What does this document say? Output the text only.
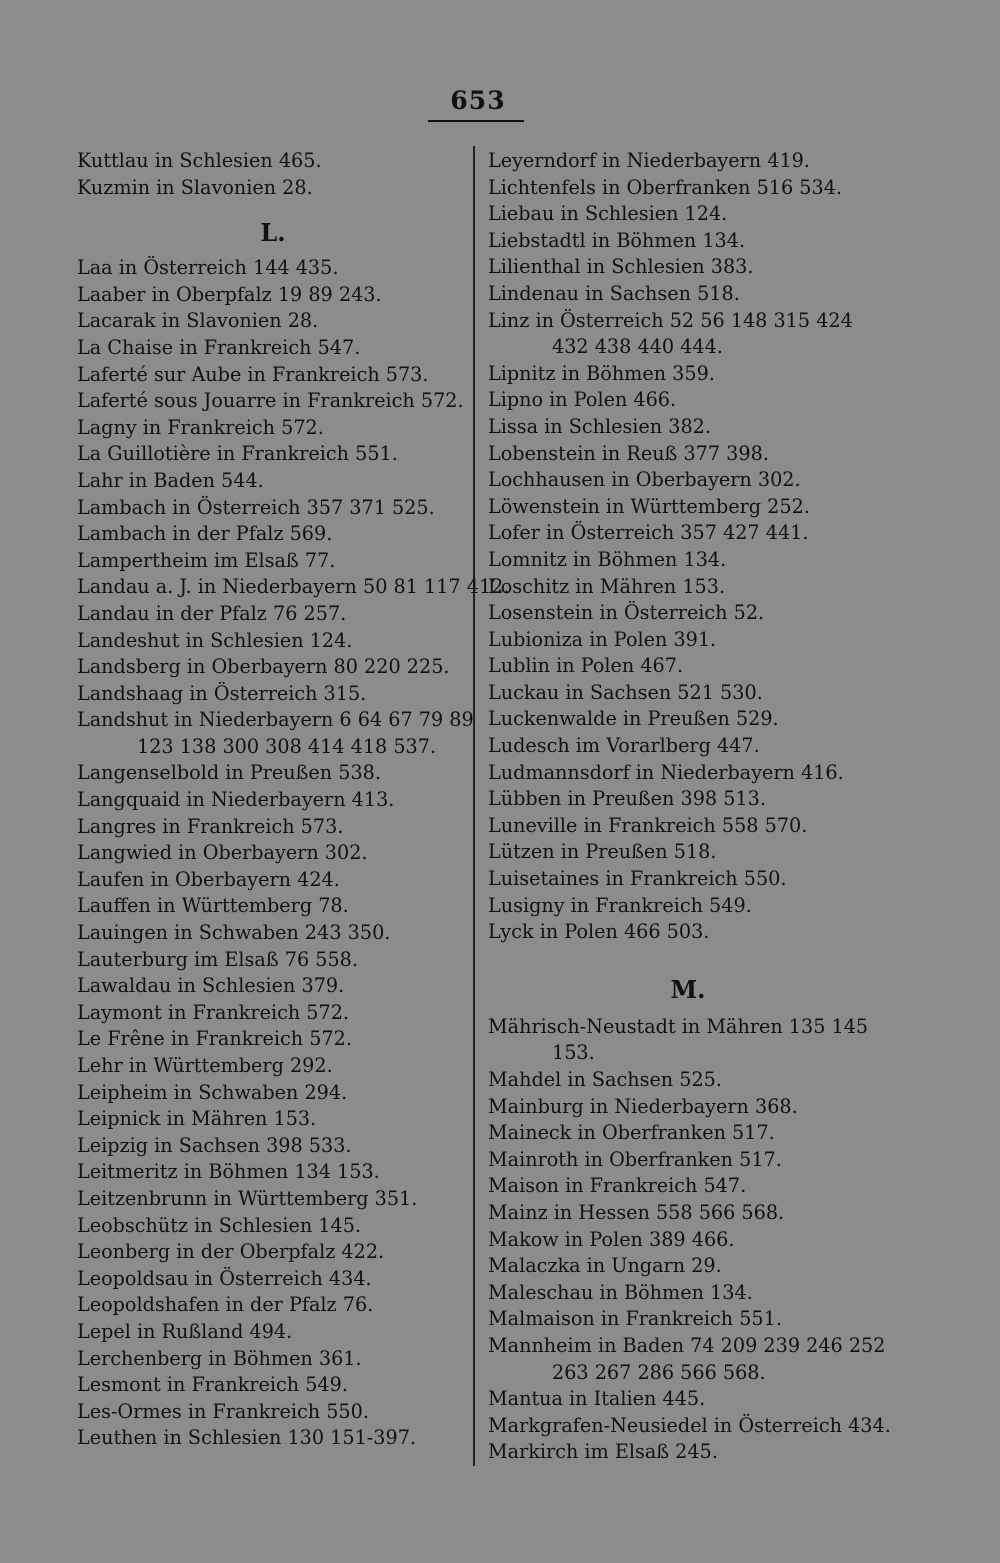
653
Kuttlau in Schlesien 465.
Kuzmin in Slavonien 28.
L.
Laa in Österreich 144 435.
Laaber in Oberpfalz 19 89 243.
Lacarak in Slavonien 28.
La Chaise in Frankreich 547.
Laferté sur Aube in Frankreich 573.
Laferté sous Jouarre in Frankreich 572.
Lagny in Frankreich 572.
La Guillotière in Frankreich 551.
Lahr in Baden 544.
Lambach in Österreich 357 371 525.
Lambach in der Pfalz 569.
Lampertheim im Elsaß 77.
Landau a. J. in Niederbayern 50 81 117 412.
Landau in der Pfalz 76 257.
Landeshut in Schlesien 124.
Landsberg in Oberbayern 80 220 225.
Landshaag in Österreich 315.
Landshut in Niederbayern 6 64 67 79 89
123 138 300 308 414 418 537.
Langenselbold in Preußen 538.
Langquaid in Niederbayern 413.
Langres in Frankreich 573.
Langwied in Oberbayern 302.
Laufen in Oberbayern 424.
Lauffen in Württemberg 78.
Lauingen in Schwaben 243 350.
Lauterburg im Elsaß 76 558.
Lawaldau in Schlesien 379.
Laymont in Frankreich 572.
Le Frêne in Frankreich 572.
Lehr in Württemberg 292.
Leipheim in Schwaben 294.
Leipnick in Mähren 153.
Leipzig in Sachsen 398 533.
Leitmeritz in Böhmen 134 153.
Leitzenbrunn in Württemberg 351.
Leobschütz in Schlesien 145.
Leonberg in der Oberpfalz 422.
Leopoldsau in Österreich 434.
Leopoldshafen in der Pfalz 76.
Lepel in Rußland 494.
Lerchenberg in Böhmen 361.
Lesmont in Frankreich 549.
Les-Ormes in Frankreich 550.
Leuthen in Schlesien 130 151-397.
Leyerndorf in Niederbayern 419.
Lichtenfels in Oberfranken 516 534.
Liebau in Schlesien 124.
Liebstadtl in Böhmen 134.
Lilienthal in Schlesien 383.
Lindenau in Sachsen 518.
Linz in Österreich 52 56 148 315 424
432 438 440 444.
Lipnitz in Böhmen 359.
Lipno in Polen 466.
Lissa in Schlesien 382.
Lobenstein in Reuß 377 398.
Lochhausen in Oberbayern 302.
Löwenstein in Württemberg 252.
Lofer in Österreich 357 427 441.
Lomnitz in Böhmen 134.
Loschitz in Mähren 153.
Losenstein in Österreich 52.
Lubioniza in Polen 391.
Lublin in Polen 467.
Luckau in Sachsen 521 530.
Luckenwalde in Preußen 529.
Ludesch im Vorarlberg 447.
Ludmannsdorf in Niederbayern 416.
Lübben in Preußen 398 513.
Luneville in Frankreich 558 570.
Lützen in Preußen 518.
Luisetaines in Frankreich 550.
Lusigny in Frankreich 549.
Lyck in Polen 466 503.
M.
Mährisch-Neustadt in Mähren 135 145
153.
Mahdel in Sachsen 525.
Mainburg in Niederbayern 368.
Maineck in Oberfranken 517.
Mainroth in Oberfranken 517.
Maison in Frankreich 547.
Mainz in Hessen 558 566 568.
Makow in Polen 389 466.
Malaczka in Ungarn 29.
Maleschau in Böhmen 134.
Malmaison in Frankreich 551.
Mannheim in Baden 74 209 239 246 252
263 267 286 566 568.
Mantua in Italien 445.
Markgrafen-Neusiedel in Österreich 434.
Markirch im Elsaß 245.
